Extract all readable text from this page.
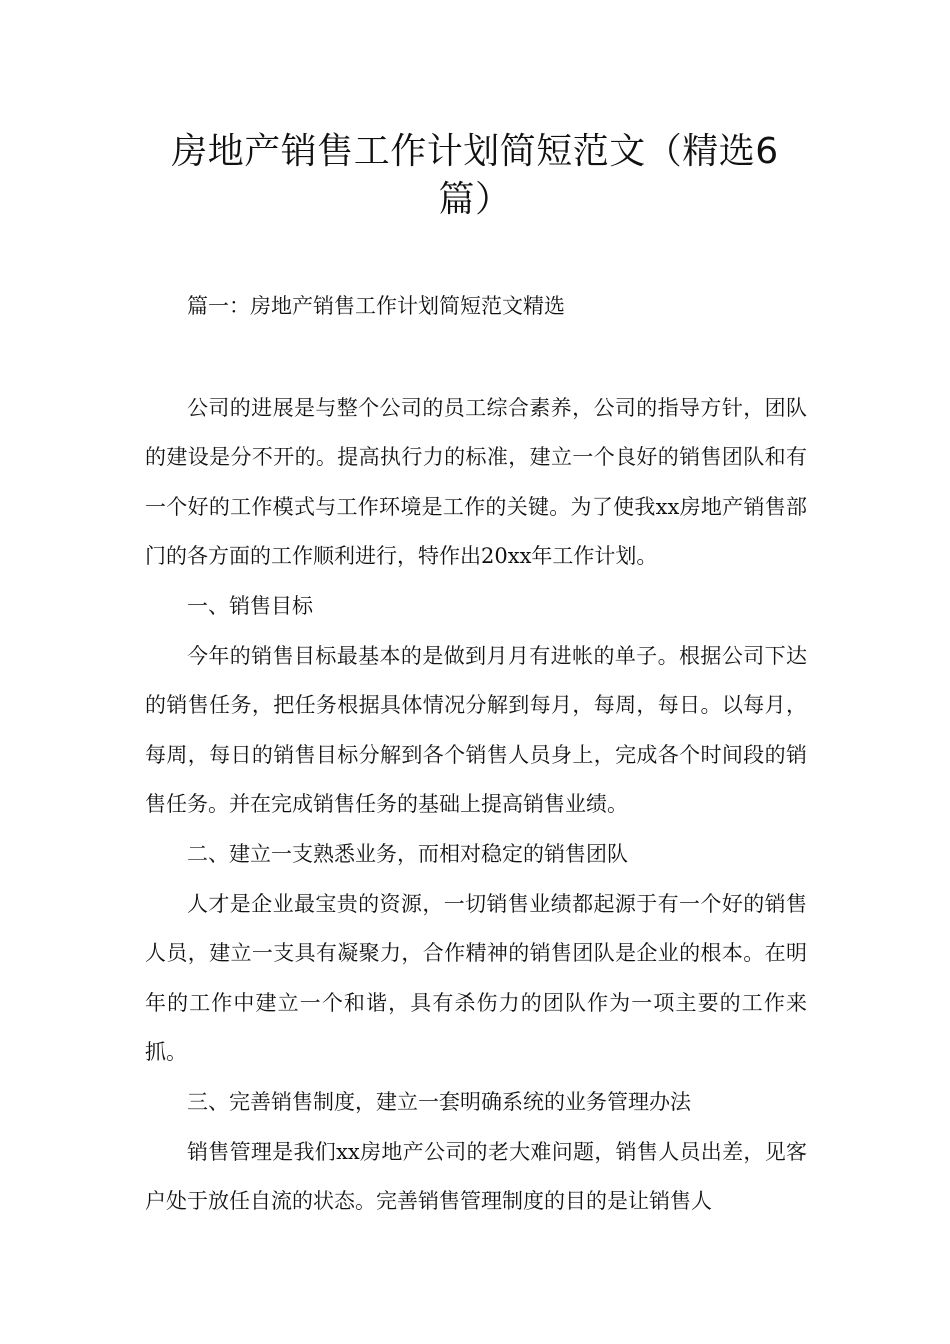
房地产销售工作计划简短范文（精选6篇）

篇一：房地产销售工作计划简短范文精选

公司的进展是与整个公司的员工综合素养，公司的指导方针，团队的建设是分不开的。提高执行力的标准，建立一个良好的销售团队和有一个好的工作模式与工作环境是工作的关键。为了使我xx房地产销售部门的各方面的工作顺利进行，特作出20xx年工作计划。

一、销售目标

今年的销售目标最基本的是做到月月有进帐的单子。根据公司下达的销售任务，把任务根据具体情况分解到每月，每周，每日。以每月，每周，每日的销售目标分解到各个销售人员身上，完成各个时间段的销售任务。并在完成销售任务的基础上提高销售业绩。

二、建立一支熟悉业务，而相对稳定的销售团队

人才是企业最宝贵的资源，一切销售业绩都起源于有一个好的销售人员，建立一支具有凝聚力，合作精神的销售团队是企业的根本。在明年的工作中建立一个和谐，具有杀伤力的团队作为一项主要的工作来抓。

三、完善销售制度，建立一套明确系统的业务管理办法

销售管理是我们xx房地产公司的老大难问题，销售人员出差，见客户处于放任自流的状态。完善销售管理制度的目的是让销售人
